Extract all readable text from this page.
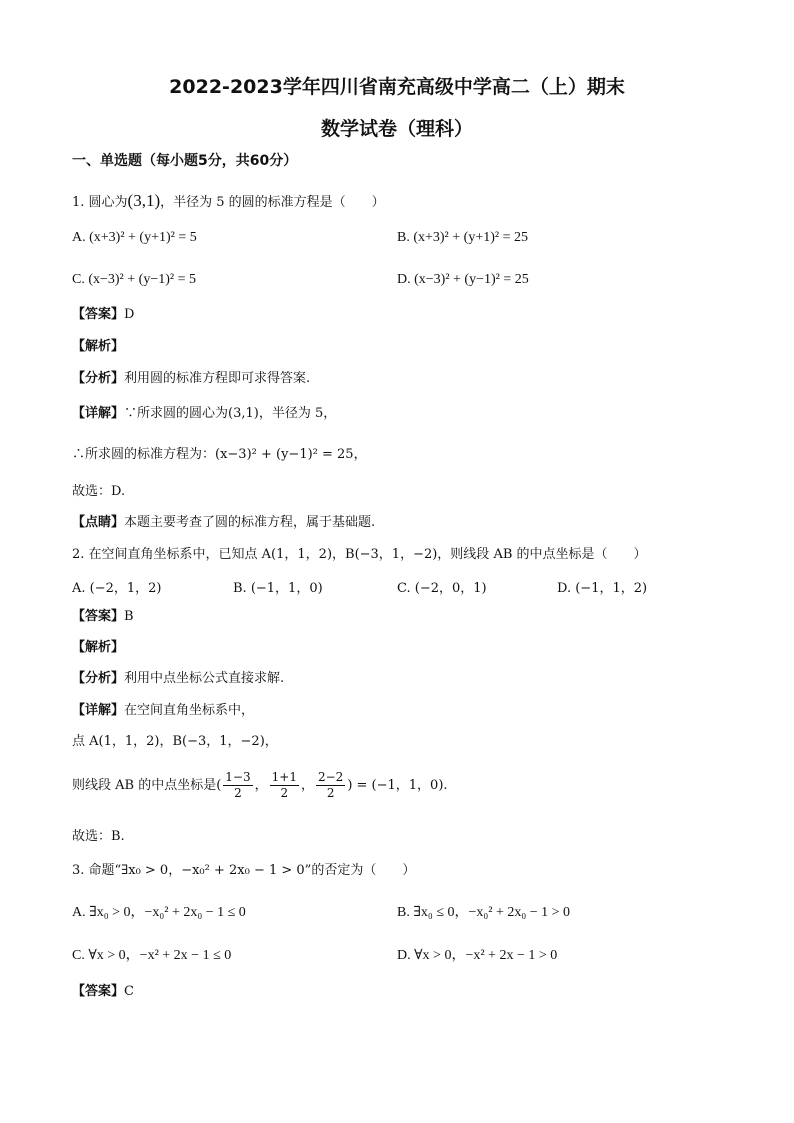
2022-2023学年四川省南充高级中学高二（上）期末
数学试卷（理科）
一、单选题（每小题5分，共60分）
1. 圆心为(3,1)，半径为 5 的圆的标准方程是（　　）
A. (x+3)² + (y+1)² = 5	B. (x+3)² + (y+1)² = 25
C. (x−3)² + (y−1)² = 5	D. (x−3)² + (y−1)² = 25
【答案】D
【解析】
【分析】利用圆的标准方程即可求得答案.
【详解】∵所求圆的圆心为(3,1)，半径为 5，
∴所求圆的标准方程为：(x−3)² + (y−1)² = 25，
故选：D.
【点睛】本题主要考查了圆的标准方程，属于基础题.
2. 在空间直角坐标系中，已知点 A(1，1，2)，B(−3，1，−2)，则线段 AB 的中点坐标是（　　）
A. (−2，1，2)	B. (−1，1，0)	C. (−2，0，1)	D. (−1，1，2)
【答案】B
【解析】
【分析】利用中点坐标公式直接求解.
【详解】在空间直角坐标系中，
点 A(1，1，2)，B(−3，1，−2)，
则线段 AB 的中点坐标是( $\frac{1-3}{2}$ ， $\frac{1+1}{2}$ ， $\frac{2-2}{2}$ ) = (−1，1，0).
故选：B.
3. 命题“∃x₀ > 0，−x₀² + 2x₀ − 1 > 0”的否定为（　　）
A. ∃x₀ > 0，−x₀² + 2x₀ − 1 ≤ 0	B. ∃x₀ ≤ 0，−x₀² + 2x₀ − 1 > 0
C. ∀x > 0，−x² + 2x − 1 ≤ 0	D. ∀x > 0，−x² + 2x − 1 > 0
【答案】C
